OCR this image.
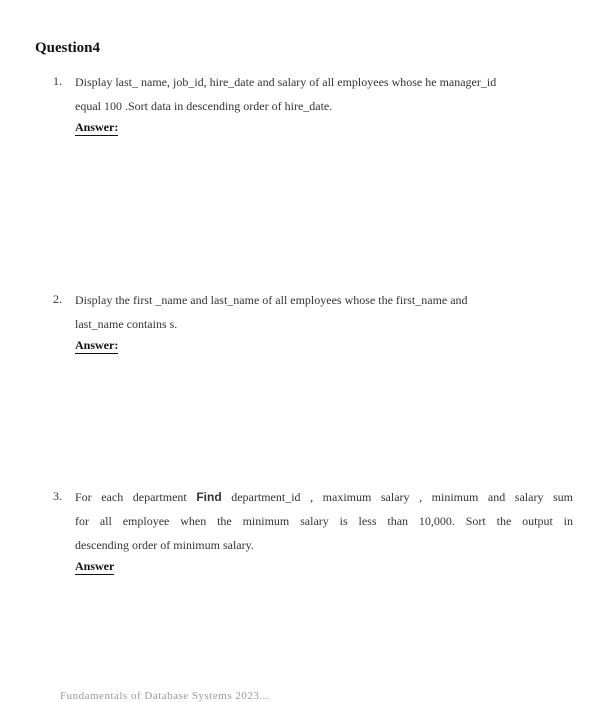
Question4
1.	Display last_ name, job_id, hire_date and salary of all employees whose he manager_id
equal 100 .Sort data in descending order of hire_date.
Answer:
2.	Display the first _name and last_name of all employees whose the first_name and
last_name contains s.
Answer:
3.	For each department Find department_id , maximum salary , minimum and salary sum
for all employee when the minimum salary is less than 10,000. Sort the output in
descending order of minimum salary.
Answer
Fundamentals of Database Systems 2023...
